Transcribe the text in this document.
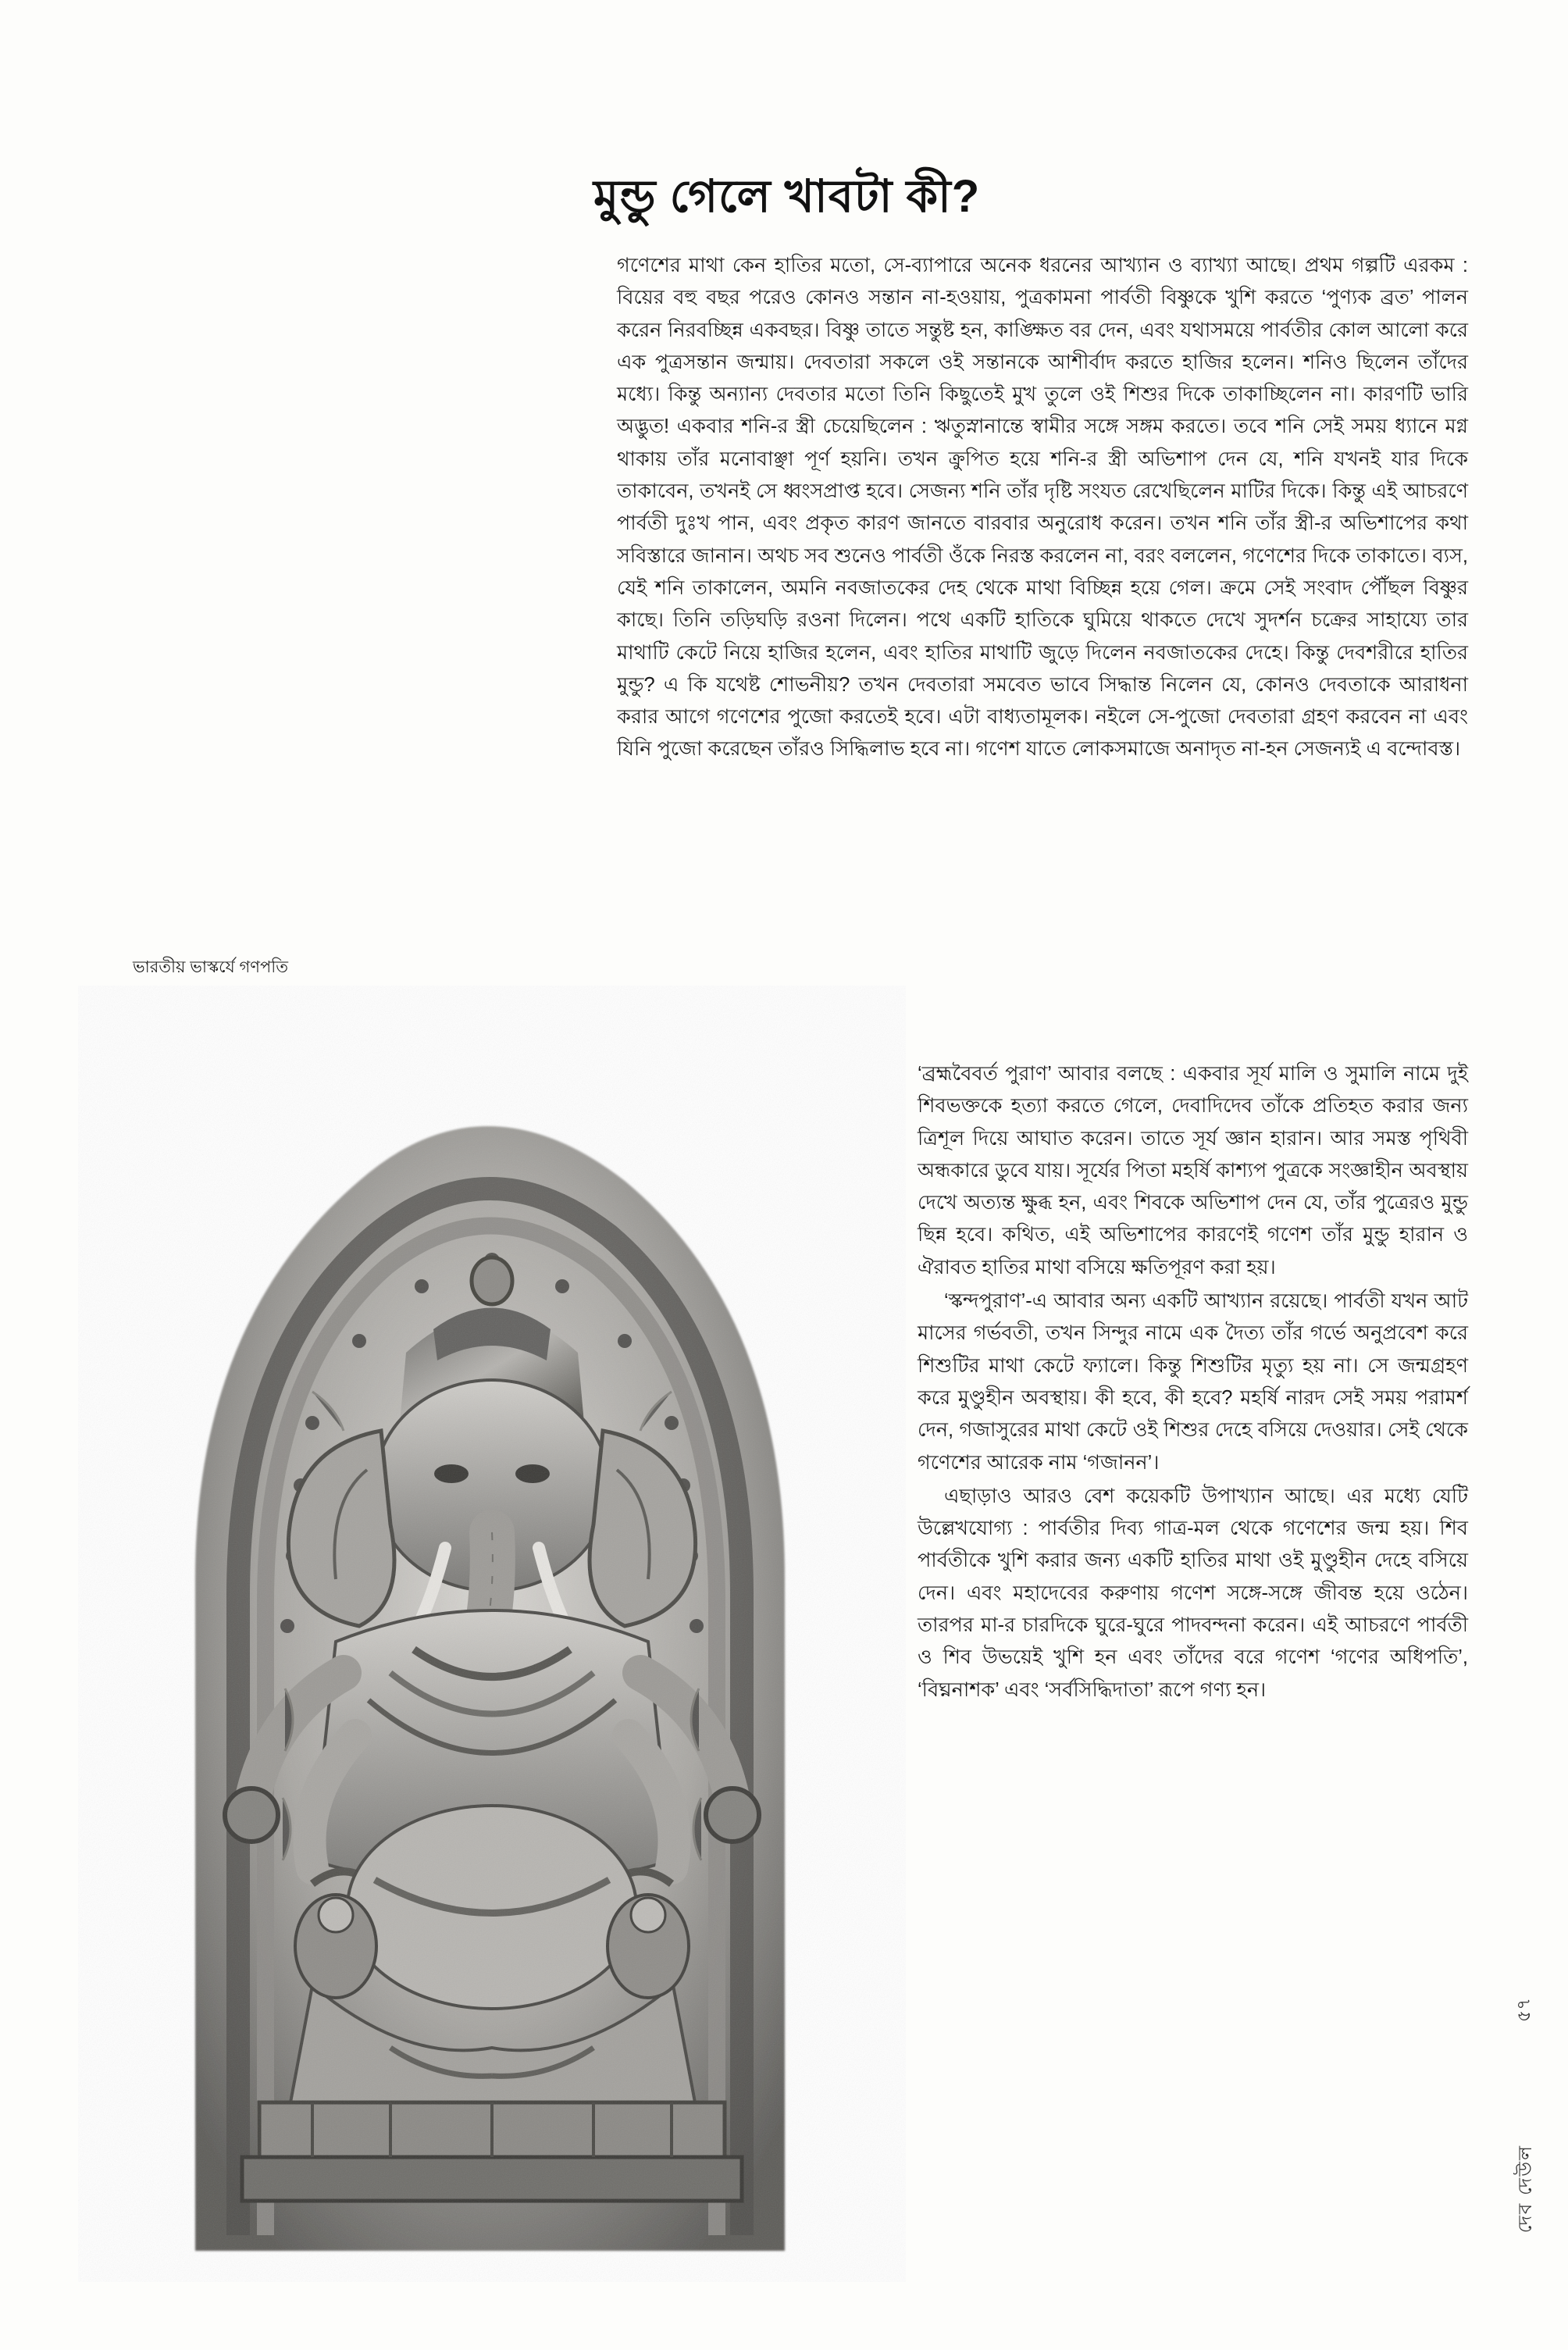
মুন্ডু গেলে খাবটা কী?

গণেশের মাথা কেন হাতির মতো, সে-ব্যাপারে অনেক ধরনের আখ্যান ও ব্যাখ্যা আছে। প্রথম গল্পটি এরকম : বিয়ের বহু বছর পরেও কোনও সন্তান না-হওয়ায়, পুত্রকামনা পার্বতী বিষ্ণুকে খুশি করতে ‘পুণ্যক ব্রত’ পালন করেন নিরবচ্ছিন্ন একবছর। বিষ্ণু তাতে সন্তুষ্ট হন, কাঙ্ক্ষিত বর দেন, এবং যথাসময়ে পার্বতীর কোল আলো করে এক পুত্রসন্তান জন্মায়। দেবতারা সকলে ওই সন্তানকে আশীর্বাদ করতে হাজির হলেন। শনিও ছিলেন তাঁদের মধ্যে। কিন্তু অন্যান্য দেবতার মতো তিনি কিছুতেই মুখ তুলে ওই শিশুর দিকে তাকাচ্ছিলেন না। কারণটি ভারি অদ্ভুত! একবার শনি-র স্ত্রী চেয়েছিলেন : ঋতুস্নানান্তে স্বামীর সঙ্গে সঙ্গম করতে। তবে শনি সেই সময় ধ্যানে মগ্ন থাকায় তাঁর মনোবাঞ্ছা পূর্ণ হয়নি। তখন ক্রুপিত হয়ে শনি-র স্ত্রী অভিশাপ দেন যে, শনি যখনই যার দিকে তাকাবেন, তখনই সে ধ্বংসপ্রাপ্ত হবে। সেজন্য শনি তাঁর দৃষ্টি সংযত রেখেছিলেন মাটির দিকে। কিন্তু এই আচরণে পার্বতী দুঃখ পান, এবং প্রকৃত কারণ জানতে বারবার অনুরোধ করেন। তখন শনি তাঁর স্ত্রী-র অভিশাপের কথা সবিস্তারে জানান। অথচ সব শুনেও পার্বতী ওঁকে নিরস্ত করলেন না, বরং বললেন, গণেশের দিকে তাকাতে। ব্যস, যেই শনি তাকালেন, অমনি নবজাতকের দেহ থেকে মাথা বিচ্ছিন্ন হয়ে গেল। ক্রমে সেই সংবাদ পৌঁছল বিষ্ণুর কাছে। তিনি তড়িঘড়ি রওনা দিলেন। পথে একটি হাতিকে ঘুমিয়ে থাকতে দেখে সুদর্শন চক্রের সাহায্যে তার মাথাটি কেটে নিয়ে হাজির হলেন, এবং হাতির মাথাটি জুড়ে দিলেন নবজাতকের দেহে। কিন্তু দেবশরীরে হাতির মুন্ডু? এ কি যথেষ্ট শোভনীয়? তখন দেবতারা সমবেত ভাবে সিদ্ধান্ত নিলেন যে, কোনও দেবতাকে আরাধনা করার আগে গণেশের পুজো করতেই হবে। এটা বাধ্যতামূলক। নইলে সে-পুজো দেবতারা গ্রহণ করবেন না এবং যিনি পুজো করেছেন তাঁরও সিদ্ধিলাভ হবে না। গণেশ যাতে লোকসমাজে অনাদৃত না-হন সেজন্যই এ বন্দোবস্ত।

‘ব্রহ্মবৈবর্ত পুরাণ’ আবার বলছে : একবার সূর্য মালি ও সুমালি নামে দুই শিবভক্তকে হত্যা করতে গেলে, দেবাদিদেব তাঁকে প্রতিহত করার জন্য ত্রিশূল দিয়ে আঘাত করেন। তাতে সূর্য জ্ঞান হারান। আর সমস্ত পৃথিবী অন্ধকারে ডুবে যায়। সূর্যের পিতা মহর্ষি কাশ্যপ পুত্রকে সংজ্ঞাহীন অবস্থায় দেখে অত্যন্ত ক্ষুব্ধ হন, এবং শিবকে অভিশাপ দেন যে, তাঁর পুত্রেরও মুন্ডু ছিন্ন হবে। কথিত, এই অভিশাপের কারণেই গণেশ তাঁর মুন্ডু হারান ও ঐরাবত হাতির মাথা বসিয়ে ক্ষতিপূরণ করা হয়।

‘স্কন্দপুরাণ’-এ আবার অন্য একটি আখ্যান রয়েছে। পার্বতী যখন আট মাসের গর্ভবতী, তখন সিন্দুর নামে এক দৈত্য তাঁর গর্ভে অনুপ্রবেশ করে শিশুটির মাথা কেটে ফ্যালে। কিন্তু শিশুটির মৃত্যু হয় না। সে জন্মগ্রহণ করে মুণ্ডুহীন অবস্থায়। কী হবে, কী হবে? মহর্ষি নারদ সেই সময় পরামর্শ দেন, গজাসুরের মাথা কেটে ওই শিশুর দেহে বসিয়ে দেওয়ার। সেই থেকে গণেশের আরেক নাম ‘গজানন’।

এছাড়াও আরও বেশ কয়েকটি উপাখ্যান আছে। এর মধ্যে যেটি উল্লেখযোগ্য : পার্বতীর দিব্য গাত্র-মল থেকে গণেশের জন্ম হয়। শিব পার্বতীকে খুশি করার জন্য একটি হাতির মাথা ওই মুণ্ডুহীন দেহে বসিয়ে দেন। এবং মহাদেবের করুণায় গণেশ সঙ্গে-সঙ্গে জীবন্ত হয়ে ওঠেন। তারপর মা-র চারদিকে ঘুরে-ঘুরে পাদবন্দনা করেন। এই আচরণে পার্বতী ও শিব উভয়েই খুশি হন এবং তাঁদের বরে গণেশ ‘গণের অধিপতি’, ‘বিঘ্ননাশক’ এবং ‘সর্বসিদ্ধিদাতা’ রূপে গণ্য হন।

ভারতীয় ভাস্কর্যে গণপতি
দেব দেউল
৫৭
